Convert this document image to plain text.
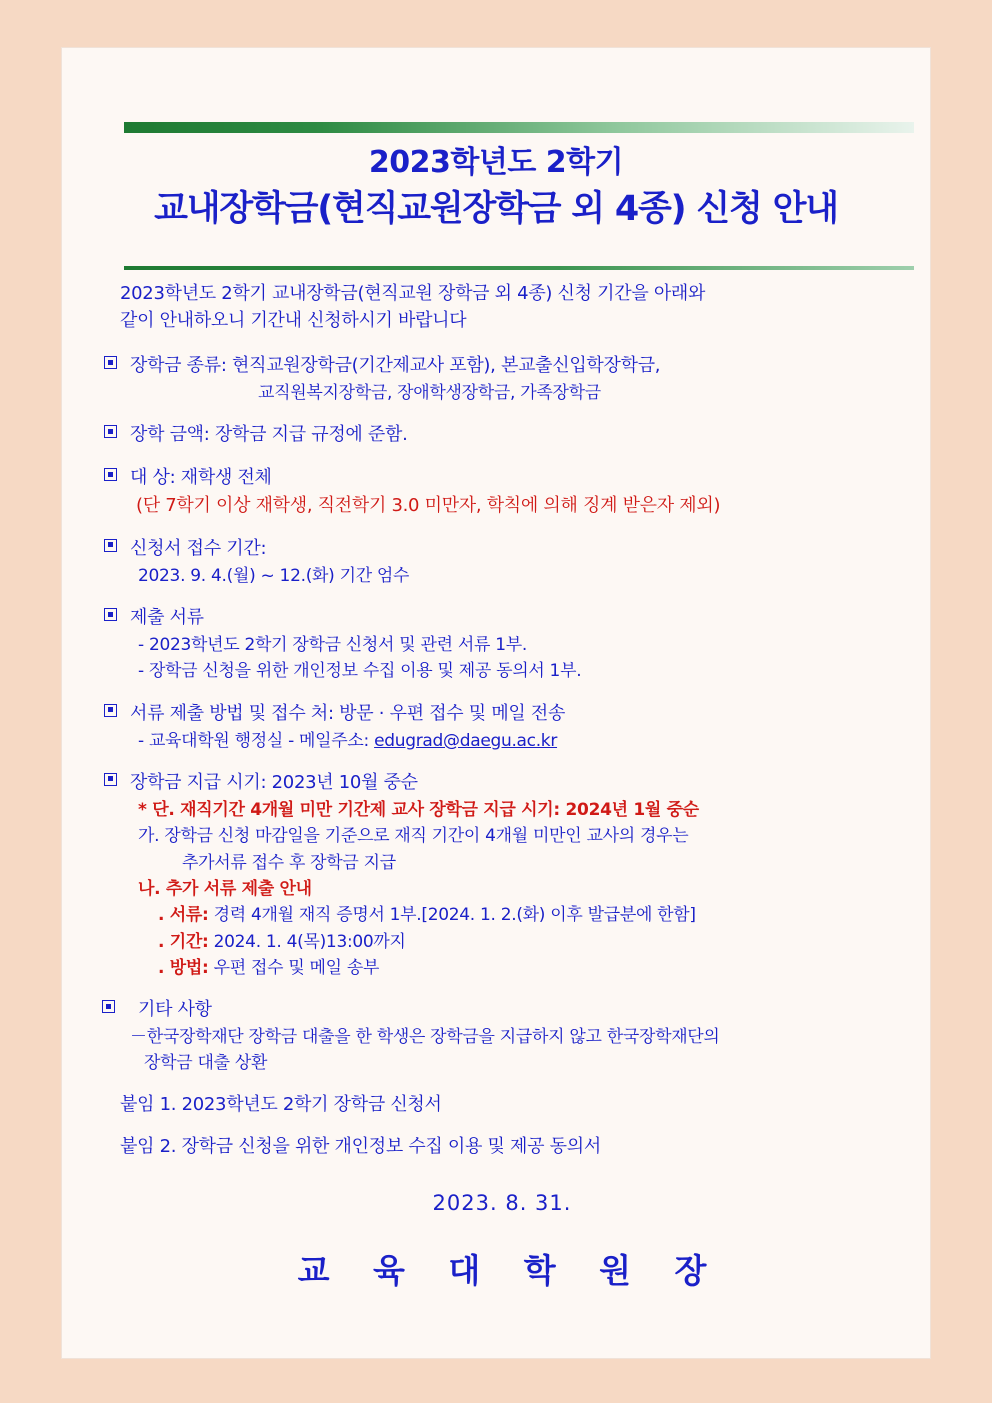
2023학년도 2학기
교내장학금(현직교원장학금 외 4종) 신청 안내
2023학년도 2학기 교내장학금(현직교원 장학금 외 4종) 신청 기간을 아래와
같이 안내하오니 기간내 신청하시기 바랍니다
장학금 종류: 현직교원장학금(기간제교사 포함), 본교출신입학장학금,
교직원복지장학금, 장애학생장학금, 가족장학금
장학 금액: 장학금 지급 규정에 준함.
대 상: 재학생 전체
(단 7학기 이상 재학생, 직전학기 3.0 미만자, 학칙에 의해 징계 받은자 제외)
신청서 접수 기간:
2023. 9. 4.(월) ~ 12.(화) 기간 엄수
제출 서류
- 2023학년도 2학기 장학금 신청서 및 관련 서류 1부.
- 장학금 신청을 위한 개인정보 수집 이용 및 제공 동의서 1부.
서류 제출 방법 및 접수 처: 방문 · 우편 접수 및 메일 전송
- 교육대학원 행정실 - 메일주소: edugrad@daegu.ac.kr
장학금 지급 시기: 2023년 10월 중순
* 단. 재직기간 4개월 미만 기간제 교사 장학금 지급 시기: 2024년 1월 중순
가. 장학금 신청 마감일을 기준으로 재직 기간이 4개월 미만인 교사의 경우는
추가서류 접수 후 장학금 지급
나. 추가 서류 제출 안내
. 서류: 경력 4개월 재직 증명서 1부.[2024. 1. 2.(화) 이후 발급분에 한함]
. 기간: 2024. 1. 4(목)13:00까지
. 방법: 우편 접수 및 메일 송부
기타 사항
－한국장학재단 장학금 대출을 한 학생은 장학금을 지급하지 않고 한국장학재단의
장학금 대출 상환
붙임 1. 2023학년도 2학기 장학금 신청서
붙임 2. 장학금 신청을 위한 개인정보 수집 이용 및 제공 동의서
2023. 8. 31.
교 육 대 학 원 장
